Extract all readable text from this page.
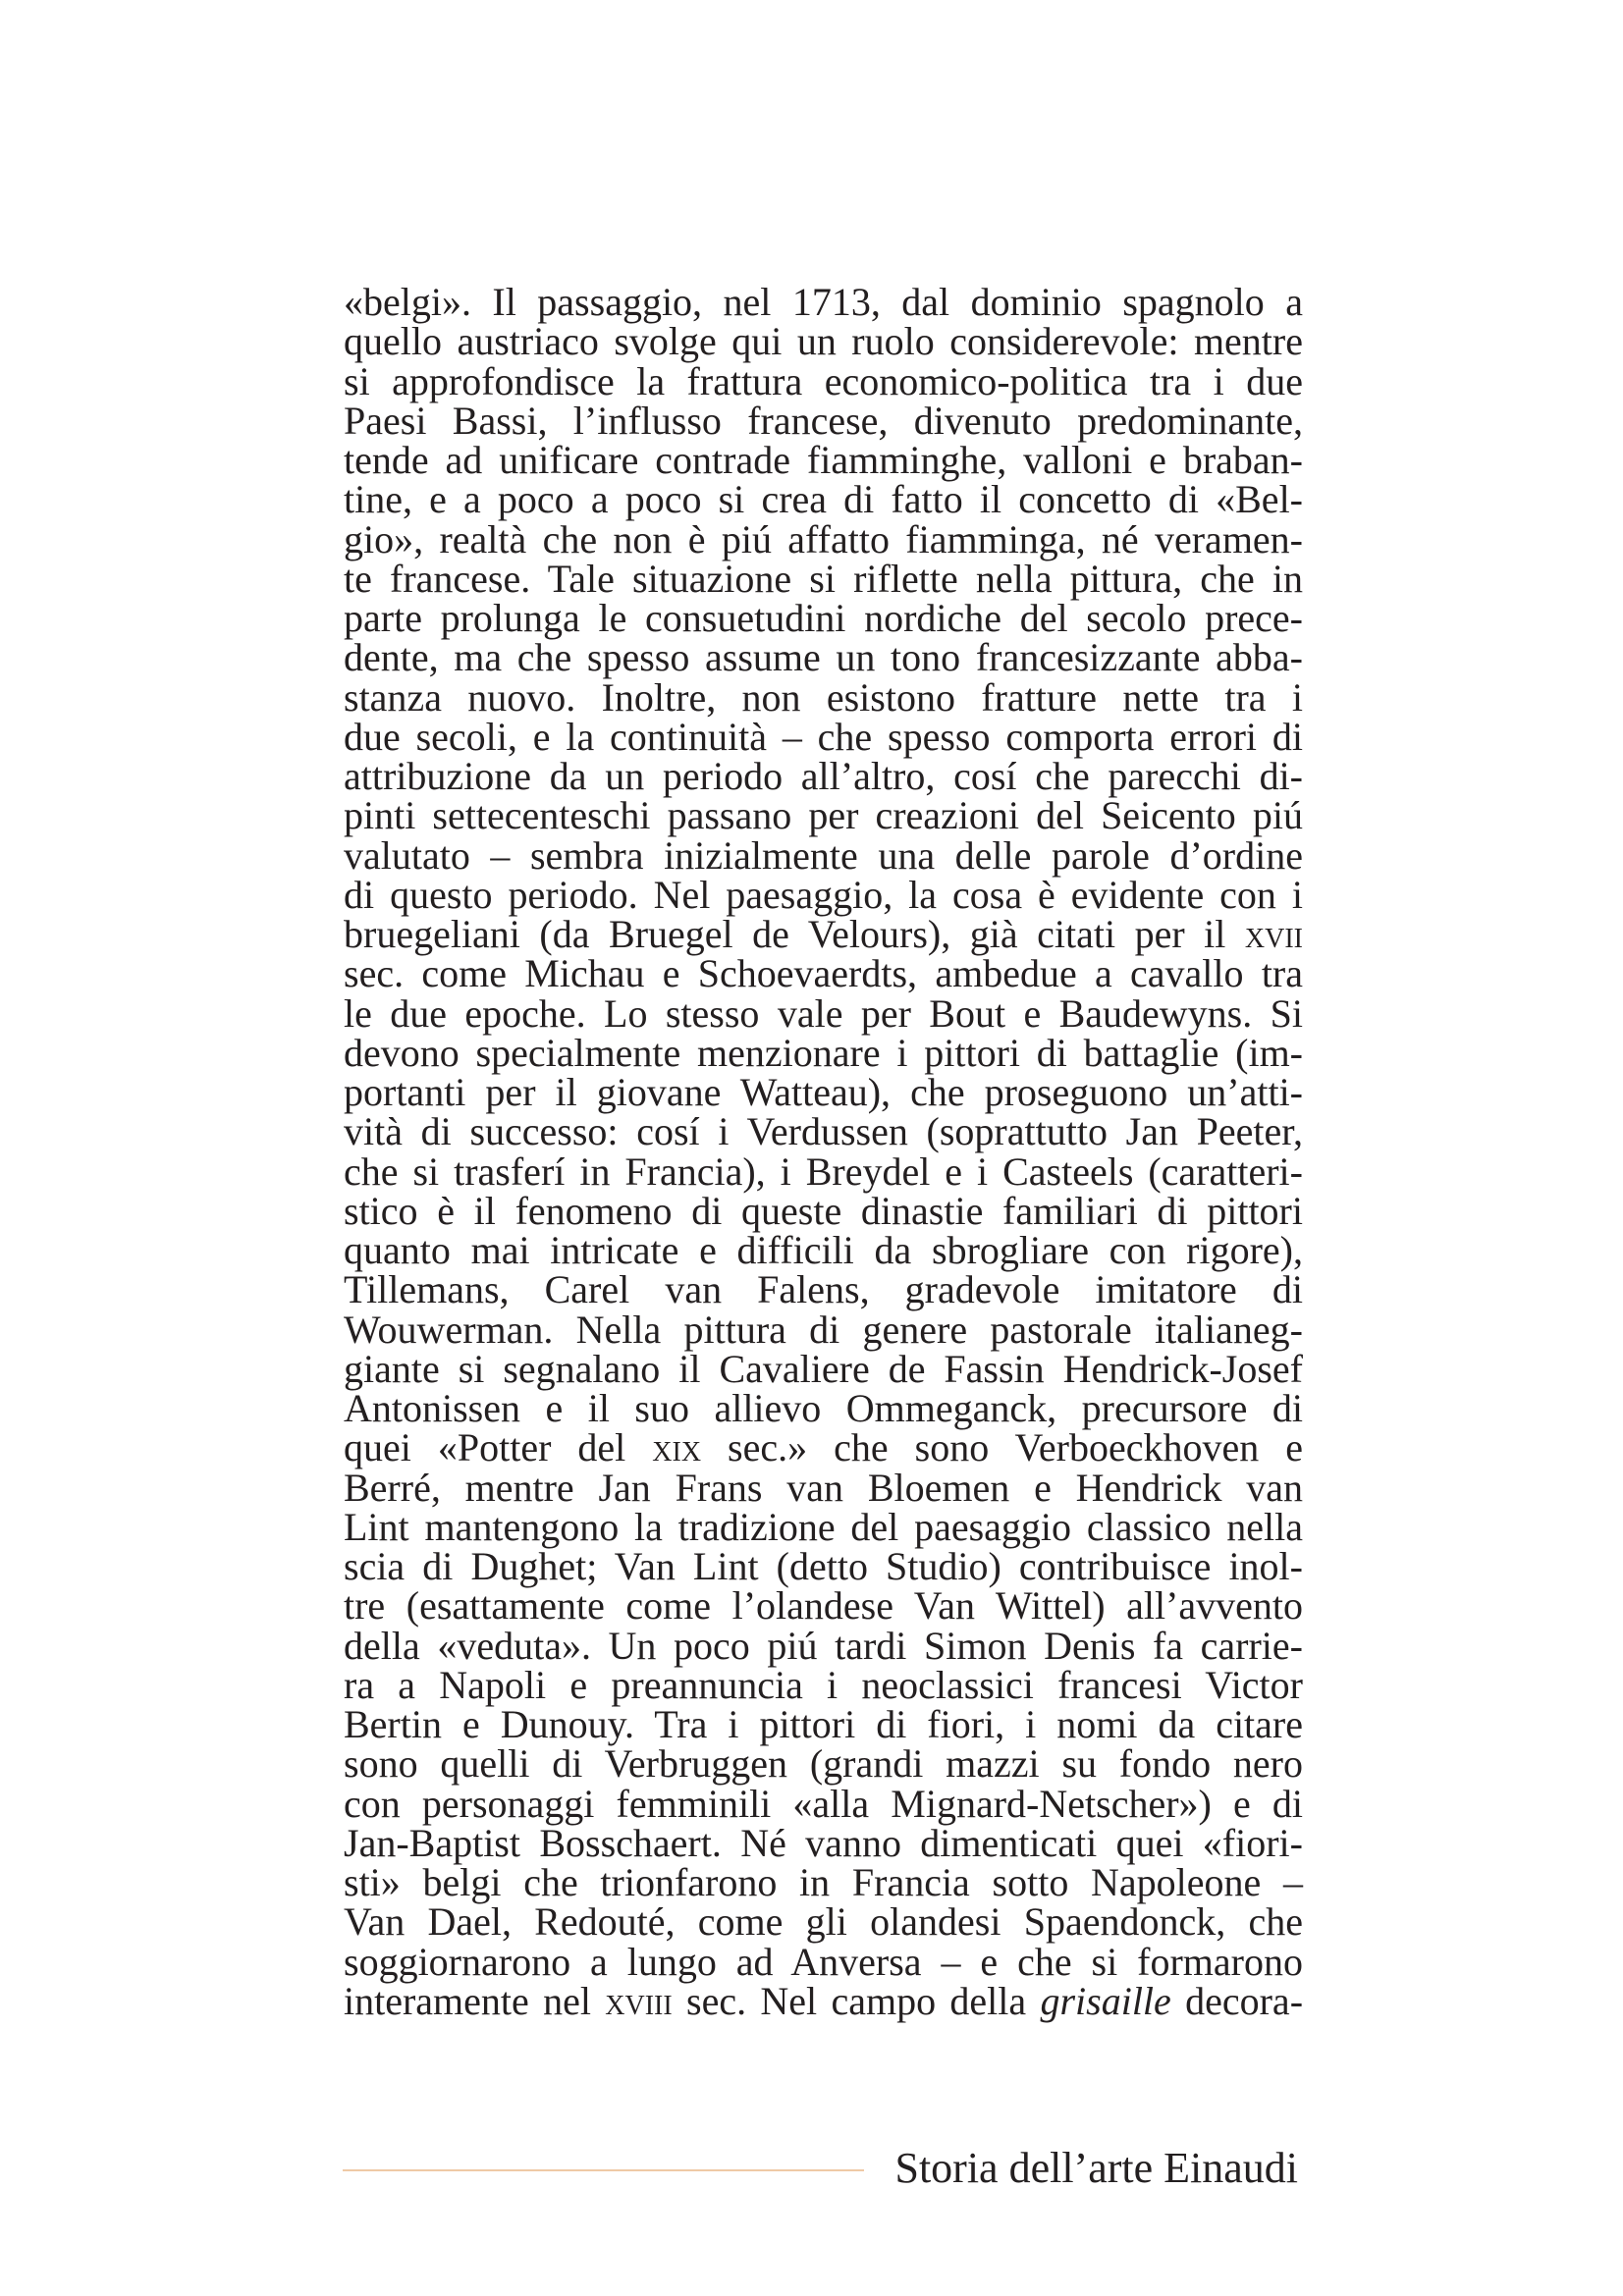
«belgi». Il passaggio, nel 1713, dal dominio spagnolo a
quello austriaco svolge qui un ruolo considerevole: mentre
si approfondisce la frattura economico-politica tra i due
Paesi Bassi, l’influsso francese, divenuto predominante,
tende ad unificare contrade fiamminghe, valloni e braban-
tine, e a poco a poco si crea di fatto il concetto di «Bel-
gio», realtà che non è piú affatto fiamminga, né veramen-
te francese. Tale situazione si riflette nella pittura, che in
parte prolunga le consuetudini nordiche del secolo prece-
dente, ma che spesso assume un tono francesizzante abba-
stanza nuovo. Inoltre, non esistono fratture nette tra i
due secoli, e la continuità – che spesso comporta errori di
attribuzione da un periodo all’altro, cosí che parecchi di-
pinti settecenteschi passano per creazioni del Seicento piú
valutato – sembra inizialmente una delle parole d’ordine
di questo periodo. Nel paesaggio, la cosa è evidente con i
bruegeliani (da Bruegel de Velours), già citati per il xvii
sec. come Michau e Schoevaerdts, ambedue a cavallo tra
le due epoche. Lo stesso vale per Bout e Baudewyns. Si
devono specialmente menzionare i pittori di battaglie (im-
portanti per il giovane Watteau), che proseguono un’atti-
vità di successo: cosí i Verdussen (soprattutto Jan Peeter,
che si trasferí in Francia), i Breydel e i Casteels (caratteri-
stico è il fenomeno di queste dinastie familiari di pittori
quanto mai intricate e difficili da sbrogliare con rigore),
Tillemans, Carel van Falens, gradevole imitatore di
Wouwerman. Nella pittura di genere pastorale italianeg-
giante si segnalano il Cavaliere de Fassin Hendrick-Josef
Antonissen e il suo allievo Ommeganck, precursore di
quei «Potter del xix sec.» che sono Verboeckhoven e
Berré, mentre Jan Frans van Bloemen e Hendrick van
Lint mantengono la tradizione del paesaggio classico nella
scia di Dughet; Van Lint (detto Studio) contribuisce inol-
tre (esattamente come l’olandese Van Wittel) all’avvento
della «veduta». Un poco piú tardi Simon Denis fa carrie-
ra a Napoli e preannuncia i neoclassici francesi Victor
Bertin e Dunouy. Tra i pittori di fiori, i nomi da citare
sono quelli di Verbruggen (grandi mazzi su fondo nero
con personaggi femminili «alla Mignard-Netscher») e di
Jan-Baptist Bosschaert. Né vanno dimenticati quei «fiori-
sti» belgi che trionfarono in Francia sotto Napoleone –
Van Dael, Redouté, come gli olandesi Spaendonck, che
soggiornarono a lungo ad Anversa – e che si formarono
interamente nel xviii sec. Nel campo della grisaille decora-
Storia dell’arte Einaudi
